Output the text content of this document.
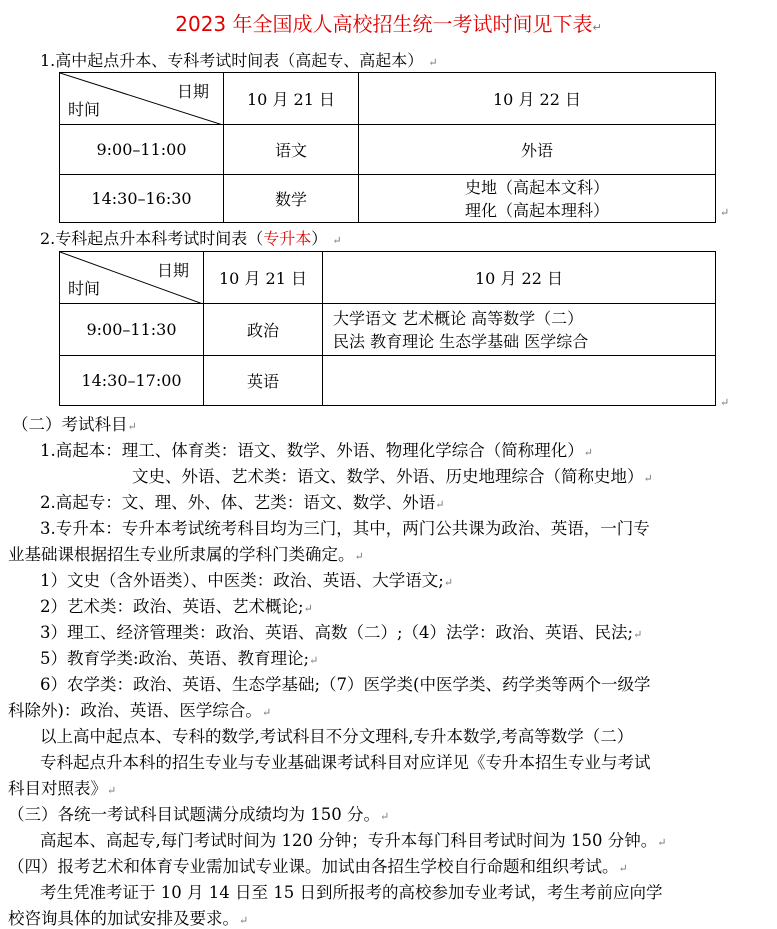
2023 年全国成人高校招生统一考试时间见下表↵
1.高中起点升本、专科考试时间表（高起专、高起本） ↵
日期
时间	10 月 21 日	10 月 22 日
9:00–11:00	语文	外语
14:30–16:30	数学	史地（高起本文科）
理化（高起本理科）	↵
2.专科起点升本科考试时间表（专升本） ↵
日期
时间	10 月 21 日	10 月 22 日
9:00–11:30	政治	大学语文 艺术概论 高等数学（二）
民法 教育理论 生态学基础 医学综合

14:30–17:00	英语	
↵
（二）考试科目↵
1.高起本：理工、体育类：语文、数学、外语、物理化学综合（简称理化）↵
文史、外语、艺术类：语文、数学、外语、历史地理综合（简称史地）↵
2.高起专：文、理、外、体、艺类：语文、数学、外语↵
3.专升本：专升本考试统考科目均为三门，其中，两门公共课为政治、英语，一门专
业基础课根据招生专业所隶属的学科门类确定。↵
1）文史（含外语类）、中医类：政治、英语、大学语文;↵
2）艺术类：政治、英语、艺术概论;↵
3）理工、经济管理类：政治、英语、高数（二）;（4）法学：政治、英语、民法;↵
5）教育学类:政治、英语、教育理论;↵
6）农学类：政治、英语、生态学基础;（7）医学类(中医学类、药学类等两个一级学
科除外)：政治、英语、医学综合。↵
以上高中起点本、专科的数学,考试科目不分文理科,专升本数学,考高等数学（二）
专科起点升本科的招生专业与专业基础课考试科目对应详见《专升本招生专业与考试
科目对照表》↵
（三）各统一考试科目试题满分成绩均为 150 分。↵
高起本、高起专,每门考试时间为 120 分钟；专升本每门科目考试时间为 150 分钟。↵
（四）报考艺术和体育专业需加试专业课。加试由各招生学校自行命题和组织考试。↵
考生凭准考证于 10 月 14 日至 15 日到所报考的高校参加专业考试，考生考前应向学
校咨询具体的加试安排及要求。↵
